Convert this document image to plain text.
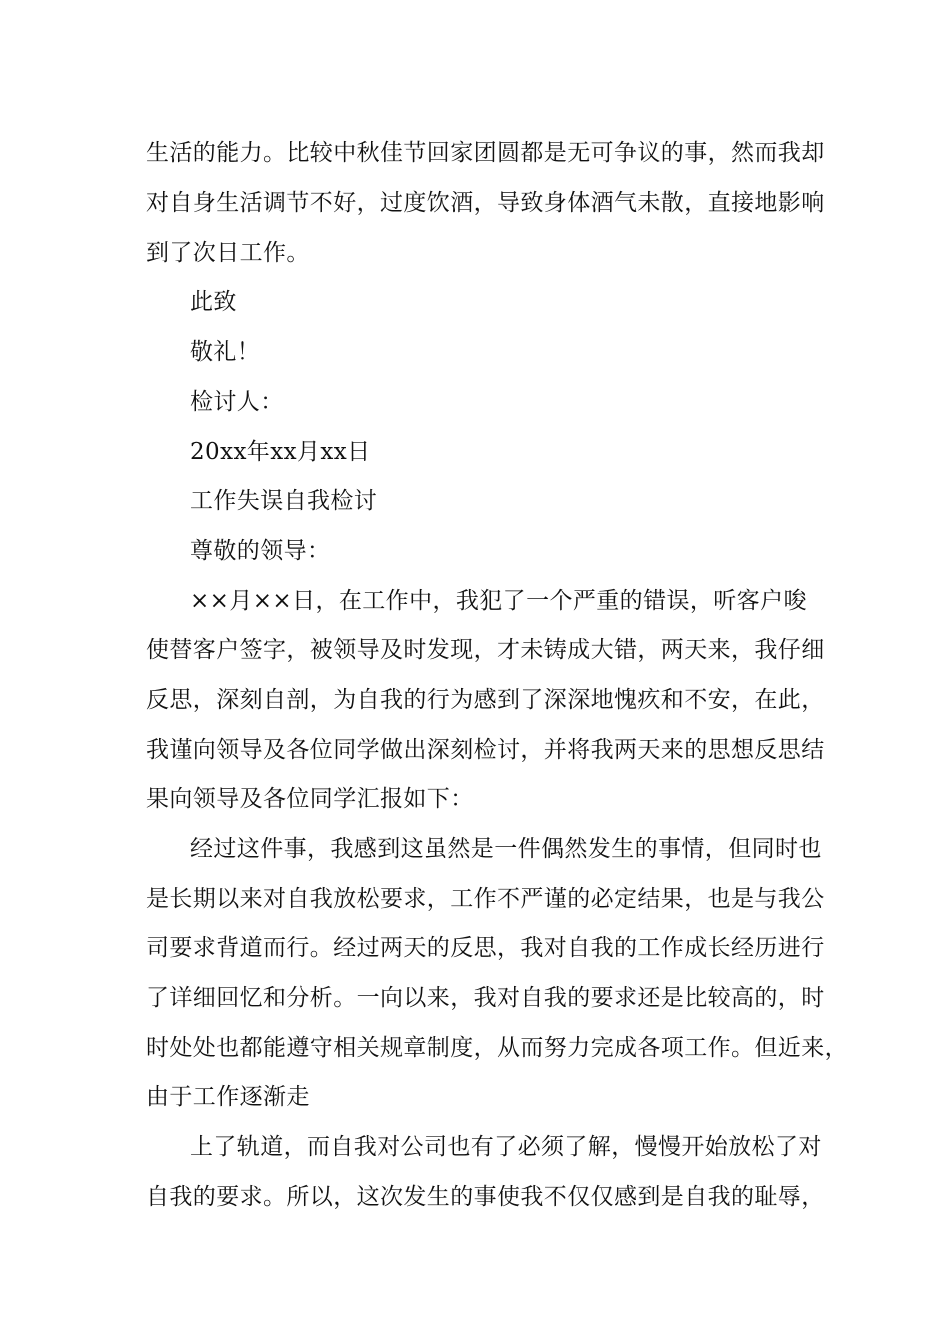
生活的能力。比较中秋佳节回家团圆都是无可争议的事，然而我却
对自身生活调节不好，过度饮酒，导致身体酒气未散，直接地影响
到了次日工作。
此致
敬礼！
检讨人：
20xx年xx月xx日
工作失误自我检讨
尊敬的领导：
××月××日，在工作中，我犯了一个严重的错误，听客户唆
使替客户签字，被领导及时发现，才未铸成大错，两天来，我仔细
反思，深刻自剖，为自我的行为感到了深深地愧疚和不安，在此，
我谨向领导及各位同学做出深刻检讨，并将我两天来的思想反思结
果向领导及各位同学汇报如下：
经过这件事，我感到这虽然是一件偶然发生的事情，但同时也
是长期以来对自我放松要求，工作不严谨的必定结果，也是与我公
司要求背道而行。经过两天的反思，我对自我的工作成长经历进行
了详细回忆和分析。一向以来，我对自我的要求还是比较高的，时
时处处也都能遵守相关规章制度，从而努力完成各项工作。但近来，
由于工作逐渐走
上了轨道，而自我对公司也有了必须了解，慢慢开始放松了对
自我的要求。所以，这次发生的事使我不仅仅感到是自我的耻辱，
